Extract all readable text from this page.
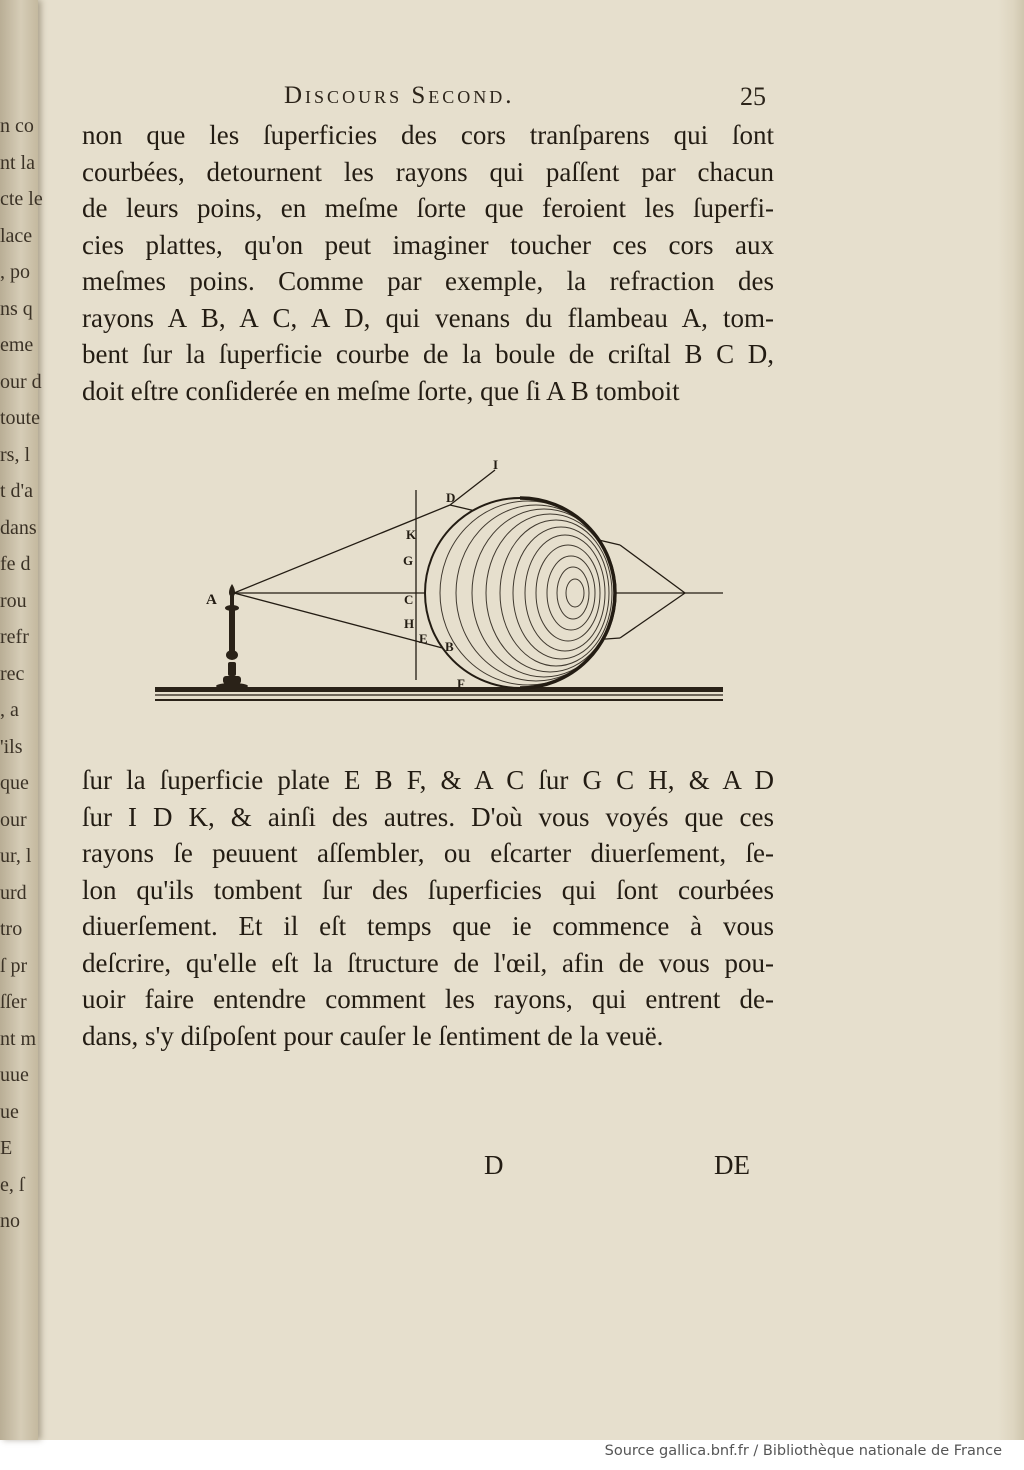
n co
nt la
cte le
lace
, po
ns q
eme
our d
toute
rs, l
t d'a
dans
fe d
rou
refr
rec
, a
'ils
que
our
ur, l
urd
tro
ſ pr
ſſer
nt m
uue
ue
E
e, ſ
no
Discours Second.	25
non que les ſuperficies des cors tranſparens qui ſont
courbées, detournent les rayons qui paſſent par chacun
de leurs poins, en meſme ſorte que feroient les ſuperfi-
cies plattes, qu'on peut imaginer toucher ces cors aux
meſmes poins. Comme par exemple, la refraction des
rayons A B, A C, A D, qui venans du flambeau A, tom-
bent ſur la ſuperficie courbe de la boule de criſtal B C D,
doit eſtre conſiderée en meſme ſorte, que ſi A B tomboit
A
B
C
D
E
F
G
H
I
K
ſur la ſuperficie plate E B F, & A C ſur G C H, & A D
ſur I D K, & ainſi des autres. D'où vous voyés que ces
rayons ſe peuuent aſſembler, ou eſcarter diuerſement, ſe-
lon qu'ils tombent ſur des ſuperficies qui ſont courbées
diuerſement. Et il eſt temps que ie commence à vous
deſcrire, qu'elle eſt la ſtructure de l'œil, afin de vous pou-
uoir faire entendre comment les rayons, qui entrent de-
dans, s'y diſpoſent pour cauſer le ſentiment de la veuë.
D	DE
Source gallica.bnf.fr / Bibliothèque nationale de France
